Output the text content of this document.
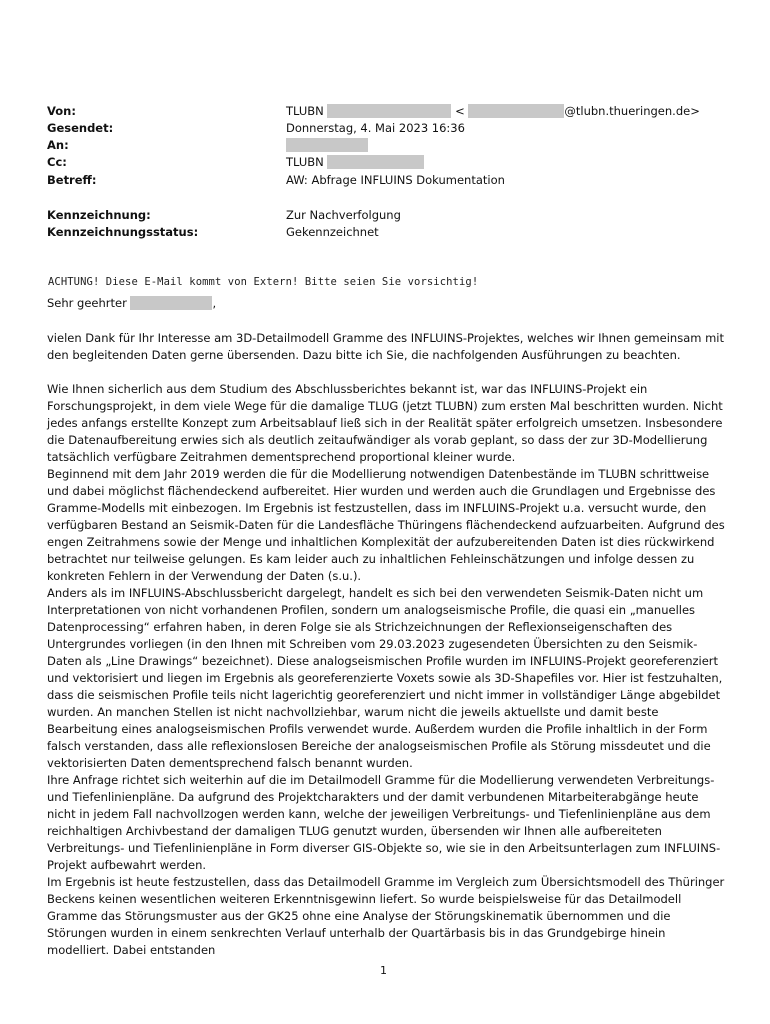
Von:	TLUBN	<	@tlubn.thueringen.de>
Gesendet:	Donnerstag, 4. Mai 2023 16:36
An:
Cc:	TLUBN
Betreff:	AW: Abfrage INFLUINS Dokumentation
Kennzeichnung:	Zur Nachverfolgung
Kennzeichnungsstatus:	Gekennzeichnet
ACHTUNG! Diese E-Mail kommt von Extern! Bitte seien Sie vorsichtig!
Sehr geehrter	,

vielen Dank für Ihr Interesse am 3D-Detailmodell Gramme des INFLUINS-Projektes, welches wir Ihnen gemeinsam mit den begleitenden Daten gerne übersenden. Dazu bitte ich Sie, die nachfolgenden Ausführungen zu beachten.

Wie Ihnen sicherlich aus dem Studium des Abschlussberichtes bekannt ist, war das INFLUINS-Projekt ein Forschungsprojekt, in dem viele Wege für die damalige TLUG (jetzt TLUBN) zum ersten Mal beschritten wurden. Nicht jedes anfangs erstellte Konzept zum Arbeitsablauf ließ sich in der Realität später erfolgreich umsetzen. Insbesondere die Datenaufbereitung erwies sich als deutlich zeitaufwändiger als vorab geplant, so dass der zur 3D-Modellierung tatsächlich verfügbare Zeitrahmen dementsprechend proportional kleiner wurde.

Beginnend mit dem Jahr 2019 werden die für die Modellierung notwendigen Datenbestände im TLUBN schrittweise und dabei möglichst flächendeckend aufbereitet. Hier wurden und werden auch die Grundlagen und Ergebnisse des Gramme-Modells mit einbezogen. Im Ergebnis ist festzustellen, dass im INFLUINS-Projekt u.a. versucht wurde, den verfügbaren Bestand an Seismik-Daten für die Landesfläche Thüringens flächendeckend aufzuarbeiten. Aufgrund des engen Zeitrahmens sowie der Menge und inhaltlichen Komplexität der aufzubereitenden Daten ist dies rückwirkend betrachtet nur teilweise gelungen. Es kam leider auch zu inhaltlichen Fehleinschätzungen und infolge dessen zu konkreten Fehlern in der Verwendung der Daten (s.u.).

Anders als im INFLUINS-Abschlussbericht dargelegt, handelt es sich bei den verwendeten Seismik-Daten nicht um Interpretationen von nicht vorhandenen Profilen, sondern um analogseismische Profile, die quasi ein „manuelles Datenprocessing“ erfahren haben, in deren Folge sie als Strichzeichnungen der Reflexionseigenschaften des Untergrundes vorliegen (in den Ihnen mit Schreiben vom 29.03.2023 zugesendeten Übersichten zu den Seismik-Daten als „Line Drawings“ bezeichnet). Diese analogseismischen Profile wurden im INFLUINS-Projekt georeferenziert und vektorisiert und liegen im Ergebnis als georeferenzierte Voxets sowie als 3D-Shapefiles vor. Hier ist festzuhalten, dass die seismischen Profile teils nicht lagerichtig georeferenziert und nicht immer in vollständiger Länge abgebildet wurden. An manchen Stellen ist nicht nachvollziehbar, warum nicht die jeweils aktuellste und damit beste Bearbeitung eines analogseismischen Profils verwendet wurde. Außerdem wurden die Profile inhaltlich in der Form falsch verstanden, dass alle reflexionslosen Bereiche der analogseismischen Profile als Störung missdeutet und die vektorisierten Daten dementsprechend falsch benannt wurden.

Ihre Anfrage richtet sich weiterhin auf die im Detailmodell Gramme für die Modellierung verwendeten Verbreitungs- und Tiefenlinienpläne. Da aufgrund des Projektcharakters und der damit verbundenen Mitarbeiterabgänge heute nicht in jedem Fall nachvollzogen werden kann, welche der jeweiligen Verbreitungs- und Tiefenlinienpläne aus dem reichhaltigen Archivbestand der damaligen TLUG genutzt wurden, übersenden wir Ihnen alle aufbereiteten Verbreitungs- und Tiefenlinienpläne in Form diverser GIS-Objekte so, wie sie in den Arbeitsunterlagen zum INFLUINS-Projekt aufbewahrt werden.

Im Ergebnis ist heute festzustellen, dass das Detailmodell Gramme im Vergleich zum Übersichtsmodell des Thüringer Beckens keinen wesentlichen weiteren Erkenntnisgewinn liefert. So wurde beispielsweise für das Detailmodell Gramme das Störungsmuster aus der GK25 ohne eine Analyse der Störungskinematik übernommen und die Störungen wurden in einem senkrechten Verlauf unterhalb der Quartärbasis bis in das Grundgebirge hinein modelliert. Dabei entstanden

1
